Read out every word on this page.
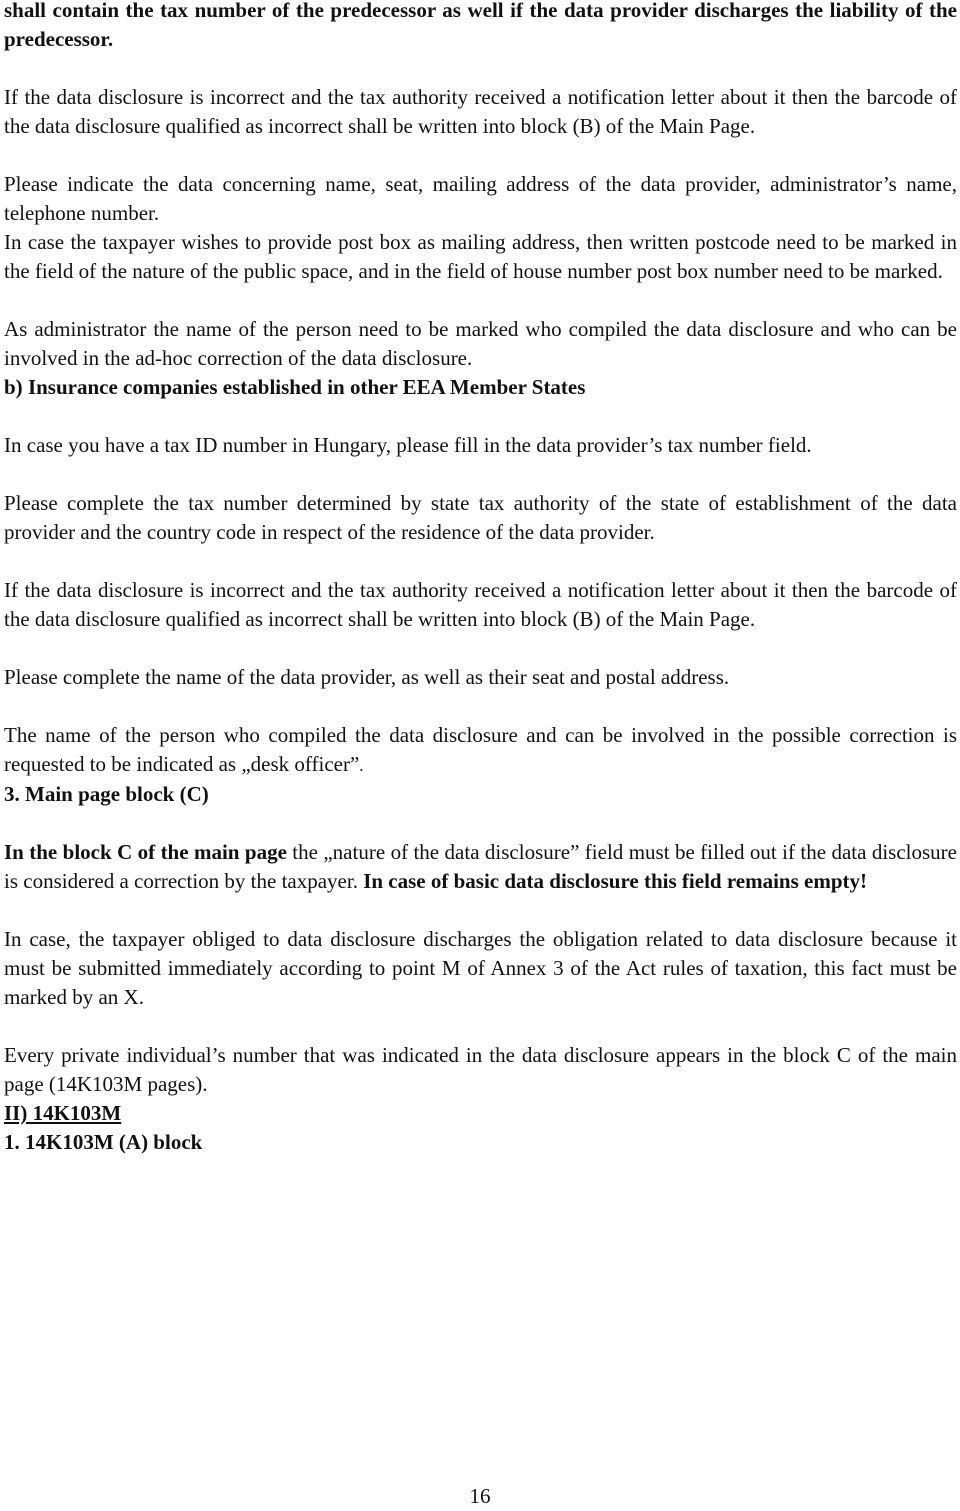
shall contain the tax number of the predecessor as well if the data provider discharges the liability of the predecessor.

If the data disclosure is incorrect and the tax authority received a notification letter about it then the barcode of the data disclosure qualified as incorrect shall be written into block (B) of the Main Page.

Please indicate the data concerning name, seat, mailing address of the data provider, administrator’s name, telephone number.

In case the taxpayer wishes to provide post box as mailing address, then written postcode need to be marked in the field of the nature of the public space, and in the field of house number post box number need to be marked.

As administrator the name of the person need to be marked who compiled the data disclosure and who can be involved in the ad-hoc correction of the data disclosure.

b) Insurance companies established in other EEA Member States

In case you have a tax ID number in Hungary, please fill in the data provider’s tax number field.

Please complete the tax number determined by state tax authority of the state of establishment of the data provider and the country code in respect of the residence of the data provider.

If the data disclosure is incorrect and the tax authority received a notification letter about it then the barcode of the data disclosure qualified as incorrect shall be written into block (B) of the Main Page.

Please complete the name of the data provider, as well as their seat and postal address.

The name of the person who compiled the data disclosure and can be involved in the possible correction is requested to be indicated as „desk officer”.

3. Main page block (C)

In the block C of the main page the „nature of the data disclosure” field must be filled out if the data disclosure is considered a correction by the taxpayer. In case of basic data disclosure this field remains empty!

In case, the taxpayer obliged to data disclosure discharges the obligation related to data disclosure because it must be submitted immediately according to point M of Annex 3 of the Act rules of taxation, this fact must be marked by an X.

Every private individual’s number that was indicated in the data disclosure appears in the block C of the main page (14K103M pages).

II) 14K103M

1. 14K103M (A) block

16
